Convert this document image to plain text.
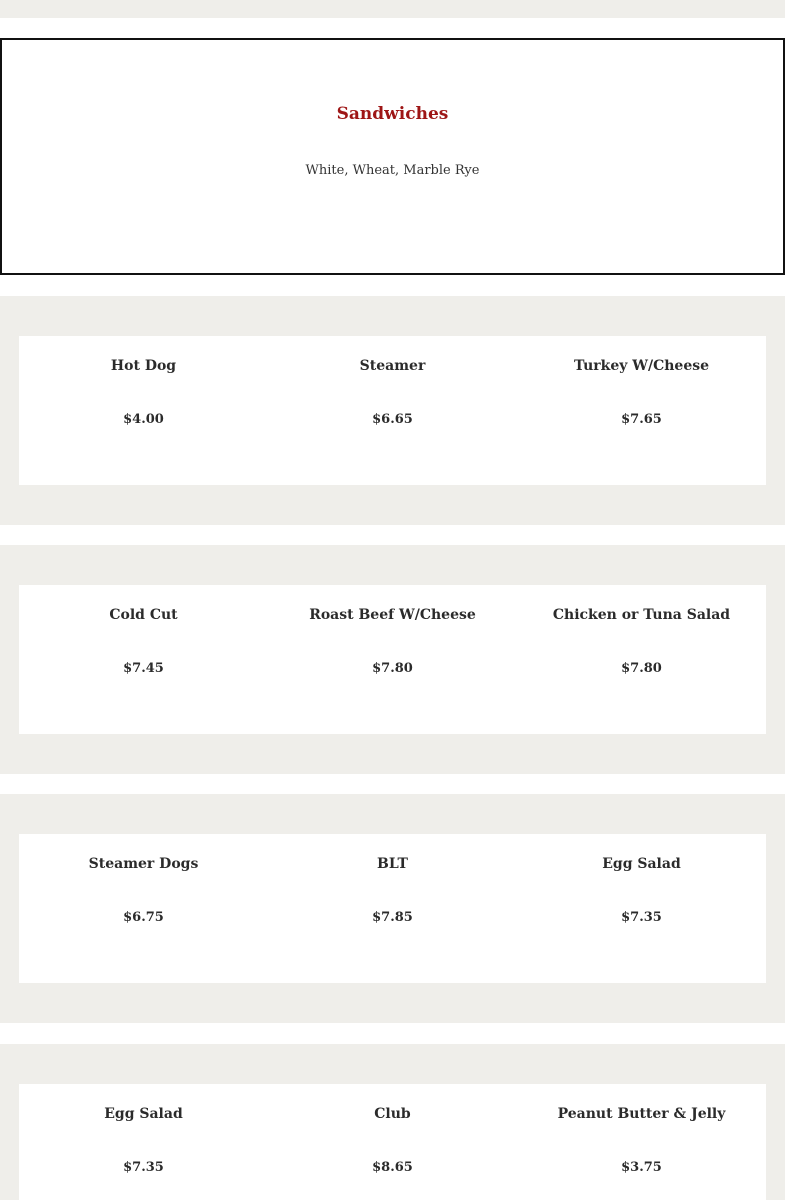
Sandwiches
White, Wheat, Marble Rye
Hot Dog
$4.00
Steamer
$6.65
Turkey W/Cheese
$7.65
Cold Cut
$7.45
Roast Beef W/Cheese
$7.80
Chicken or Tuna Salad
$7.80
Steamer Dogs
$6.75
BLT
$7.85
Egg Salad
$7.35
Egg Salad
$7.35
Club
$8.65
Peanut Butter & Jelly
$3.75
